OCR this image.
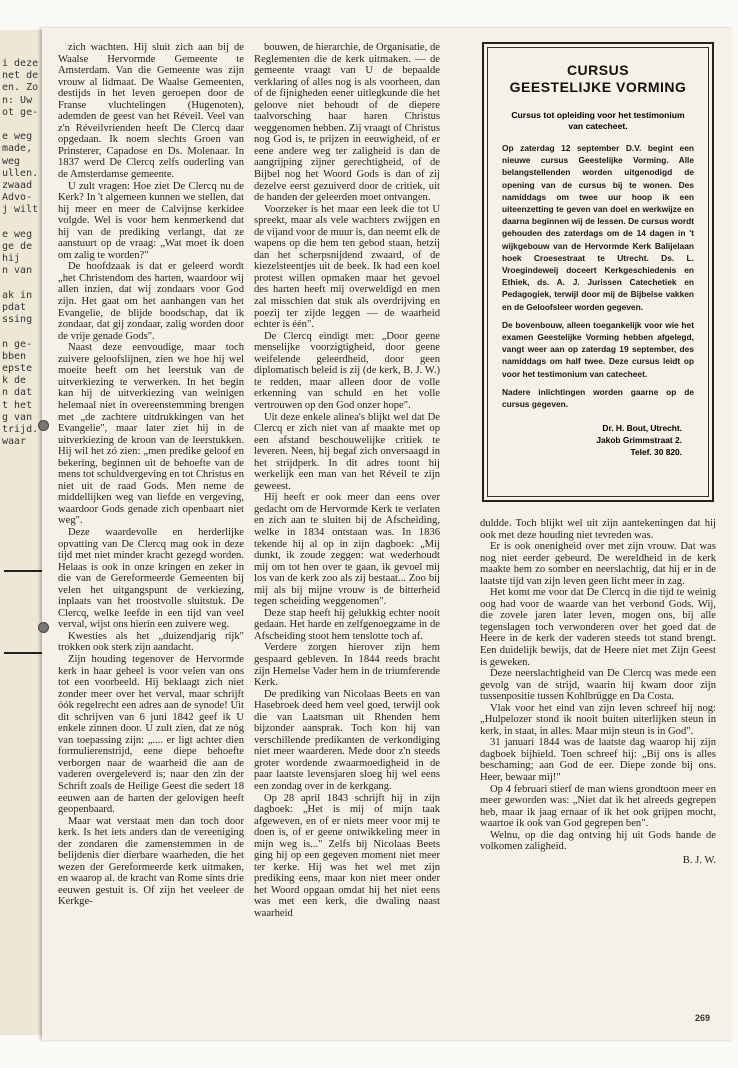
i deze
net de
en. Zo
n: Uw
ot ge-

e weg
made,
weg
ullen.
zwaad
Advo-
j wilt

e weg
ge de
hij
n van

ak in
pdat
ssing

n ge-
bben
epste
k de
n dat
t het
g van
trijd.
waar

zich wachten. Hij sluit zich aan bij de Waalse Hervormde Gemeente te Amsterdam. Van die Gemeente was zijn vrouw al lidmaat. De Waalse Gemeenten, destijds in het leven geroepen door de Franse vluchtelingen (Hugenoten), ademden de geest van het Réveil. Veel van z'n Réveilvrienden heeft De Clercq daar opgedaan. Ik noem slechts Groen van Prinsterer, Capadose en Ds. Molenaar. In 1837 werd De Clercq zelfs ouderling van de Amsterdamse gemeente.

U zult vragen: Hoe ziet De Clercq nu de Kerk? In 't algemeen kunnen we stellen, dat hij meer en meer de Calvijnse kerkidee volgde. Wel is voor hem kenmerkend dat hij van de prediking verlangt, dat ze aanstuurt op de vraag: „Wat moet ik doen om zalig te worden?"

De hoofdzaak is dat er geleerd wordt „het Christendom des harten, waardoor wij allen inzien, dat wij zondaars voor God zijn. Het gaat om het aanhangen van het Evangelie, de blijde boodschap, dat ik zondaar, dat gij zondaar, zalig worden door de vrije genade Gods".

Naast deze eenvoudige, maar toch zuivere geloofslijnen, zien we hoe hij wel moeite heeft om het leerstuk van de uitverkiezing te verwerken. In het begin kan hij de uitverkiezing van weinigen helemaal niet in overeenstemming brengen met „de zachtere uitdrukkingen van het Evangelie", maar later ziet hij in de uitverkiezing de kroon van de leerstukken. Hij wil het zó zien: „men predike geloof en bekering, beginnen uit de behoefte van de mens tot schuldvergeving en tot Christus en niet uit de raad Gods. Men neme de middellijken weg van liefde en vergeving, waardoor Gods genade zich openbaart niet weg".

Deze waardevolle en herderlijke opvatting van De Clercq mag ook in deze tijd met niet minder kracht gezegd worden. Helaas is ook in onze kringen en zeker in die van de Gereformeerde Gemeenten bij velen het uitgangspunt de verkiezing, inplaats van het troostvolle sluitstuk. De Clercq, welke leefde in een tijd van veel verval, wijst ons hierin een zuivere weg.

Kwesties als het „duizendjarig rijk" trokken ook sterk zijn aandacht.

Zijn houding tegenover de Hervormde kerk in haar geheel is voor velen van ons tot een voorbeeld. Hij beklaagt zich niet zonder meer over het verval, maar schrijft óók regelrecht een adres aan de synode! Uit dit schrijven van 6 juni 1842 geef ik U enkele zinnen door. U zult zien, dat ze nóg van toepassing zijn: „.... er ligt achter dien formulierenstrijd, eene diepe behoefte verborgen naar de waarheid die aan de vaderen overgeleverd is; naar den zin der Schrift zoals de Heilige Geest die sedert 18 eeuwen aan de harten der gelovigen heeft geopenbaard.

Maar wat verstaat men dan toch door kerk. Is het iets anders dan de vereeniging der zondaren die zamenstemmen in de belijdenis dier dierbare waarheden, die het wezen der Gereformeerde kerk uitmaken, en waarop al. de kracht van Rome sints drie eeuwen gestuit is. Of zijn het veeleer de Kerkge-

bouwen, de hierarchie, de Organisatie, de Reglementen die de kerk uitmaken. — de gemeente vraagt van U de bepaalde verklaring of alles nog is als voorheen, dan of de fijnigheden eener uitlegkunde die het geloove niet behoudt of de diepere taalvorsching haar haren Christus weggenomen hebben. Zij vraagt of Christus nog God is, te prijzen in eeuwigheid, of er eene andere weg ter zaligheid is dan de aangrijping zijner gerechtigheid, of de Bijbel nog het Woord Gods is dan of zij dezelve eerst gezuiverd door de critiek, uit de handen der geleerden moet ontvangen.

Voorzeker is het maar een leek die tot U spreekt, maar als vele wachters zwijgen en de vijand voor de muur is, dan neemt elk de wapens op die hem ten gebod staan, hetzij dan het scherpsnijdend zwaard, of de kiezelsteentjes uit de beek. Ik had een koel protest willen opmaken maar het gevoel des harten heeft mij overweldigd en men zal misschien dat stuk als overdrijving en poezij ter zijde leggen — de waarheid echter is één".

De Clercq eindigt met: „Door geene menselijke voorzigtigheid, door geene weifelende geleerdheid, door geen diplomatisch beleid is zij (de kerk, B. J. W.) te redden, maar alleen door de volle erkenning van schuld en het volle vertrouwen op den God onzer hope".

Uit deze enkele alinea's blijkt wel dat De Clercq er zich niet van af maakte met op een afstand beschouwelijke critiek te leveren. Neen, hij begaf zich onversaagd in het strijdperk. In dit adres toont hij werkelijk een man van het Réveil te zijn geweest.

Hij heeft er ook meer dan eens over gedacht om de Hervormde Kerk te verlaten en zich aan te sluiten bij de Afscheiding, welke in 1834 ontstaan was. In 1836 tekende hij al op in zijn dagboek: „Mij dunkt, ik zoude zeggen: wat wederhoudt mij om tot hen over te gaan, ik gevoel mij los van de kerk zoo als zij bestaat... Zoo bij mij als bij mijne vrouw is de bitterheid tegen scheiding weggenomen".

Deze stap heeft hij gelukkig echter nooit gedaan. Het harde en zelfgenoegzame in de Afscheiding stoot hem tenslotte toch af.

Verdere zorgen hierover zijn hem gespaard gebleven. In 1844 reeds bracht zijn Hemelse Vader hem in de triumferende Kerk.

De prediking van Nicolaas Beets en van Hasebroek deed hem veel goed, terwijl ook die van Laatsman uit Rhenden hem bijzonder aansprak. Toch kon hij van verschillende predikanten de verkondiging niet meer waarderen. Mede door z'n steeds groter wordende zwaarmoedigheid in de paar laatste levensjaren sloeg hij wel eens een zondag over in de kerkgang.

Op 28 april 1843 schrijft hij in zijn dagboek: „Het is mij of mijn taak afgeweven, en of er niets meer voor mij te doen is, of er geene ontwikkeling meer in mijn weg is..." Zelfs bij Nicolaas Beets ging hij op een gegeven moment niet meer ter kerke. Hij was het wel met zijn prediking eens, maar kon niet meer onder het Woord opgaan omdat hij het niet eens was met een kerk, die dwaling naast waarheid

CURSUS
GEESTELIJKE VORMING
Cursus tot opleiding voor het testimonium van catecheet.

Op zaterdag 12 september D.V. begint een nieuwe cursus Geestelijke Vorming. Alle belangstellenden worden uitgenodigd de opening van de cursus bij te wonen. Des namiddags om twee uur hoop ik een uiteenzetting te geven van doel en werkwijze en daarna beginnen wij de lessen. De cursus wordt gehouden des zaterdags om de 14 dagen in 't wijkgebouw van de Hervormde Kerk Balijelaan hoek Croesestraat te Utrecht. Ds. L. Vroegindeweij doceert Kerkgeschiedenis en Ethiek, ds. A. J. Jurissen Catechetiek en Pedagogiek, terwijl door mij de Bijbelse vakken en de Geloofsleer worden gegeven.

De bovenbouw, alleen toegankelijk voor wie het examen Geestelijke Vorming hebben afgelegd, vangt weer aan op zaterdag 19 september, des namiddags om half twee. Deze cursus leidt op voor het testimonium van catecheet.

Nadere inlichtingen worden gaarne op de cursus gegeven.

Dr. H. Bout, Utrecht.
Jakob Grimmstraat 2.
Telef. 30 820.

duldde. Toch blijkt wel uit zijn aantekeningen dat hij ook met deze houding niet tevreden was.

Er is ook onenigheid over met zijn vrouw. Dat was nog niet eerder gebeurd. De wereldheid in de kerk maakte hem zo somber en neerslachtig, dat hij er in de laatste tijd van zijn leven geen licht meer in zag.

Het komt me voor dat De Clercq in die tijd te weinig oog had voor de waarde van het verbond Gods. Wij, die zovele jaren later leven, mogen ons, bij alle tegenslagen toch verwonderen over het goed dat de Heere in de kerk der vaderen steeds tot stand brengt. Een duidelijk bewijs, dat de Heere niet met Zijn Geest is geweken.

Deze neerslachtigheid van De Clercq was mede een gevolg van de strijd, waarin hij kwam door zijn tussenpositie tussen Kohlbrügge en Da Costa.

Vlak voor het eind van zijn leven schreef hij nog: „Hulpelozer stond ik nooit buiten uiterlijken steun in kerk, in staat, in alles. Maar mijn steun is in God".

31 januari 1844 was de laatste dag waarop hij zijn dagboek bijhield. Toen schreef hij: „Bij ons is alles beschaming; aan God de eer. Diepe zonde bij ons. Heer, bewaar mij!"

Op 4 februari stierf de man wiens grondtoon meer en meer geworden was: „Niet dat ik het alreeds gegrepen heb, maar ik jaag ernaar of ik het ook grijpen mocht, waartoe ik ook van God gegrepen ben".

Welnu, op die dag ontving hij uit Gods hande de volkomen zaligheid.

B. J. W.
269
